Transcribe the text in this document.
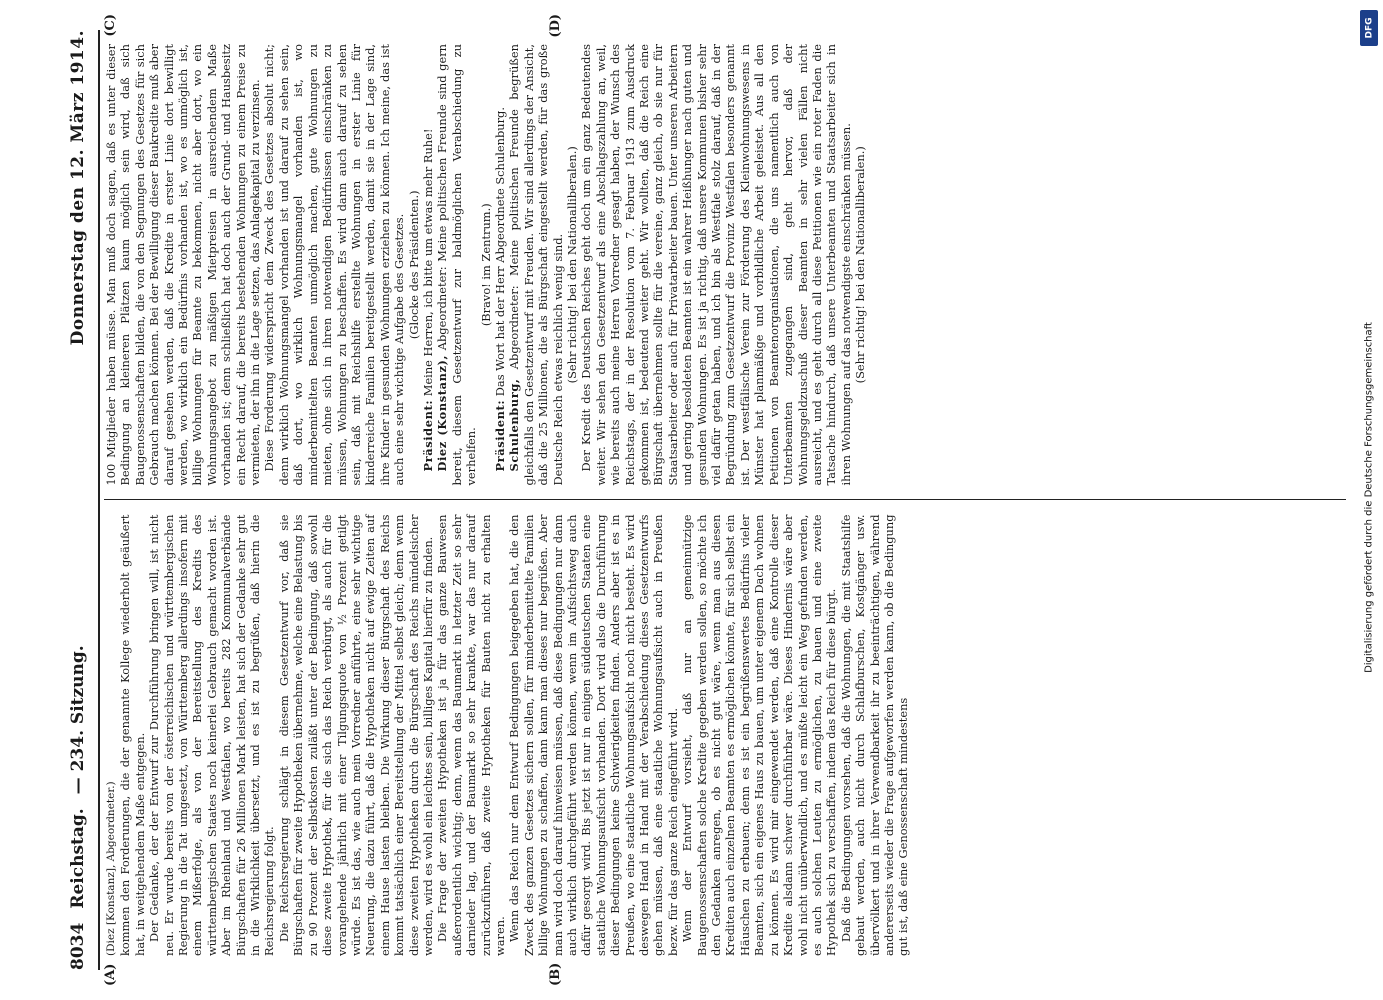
8034
Reichstag.
— 234. Sitzung.
Donnerstag den 12. März 1914.
(A)	(B)

(Diez [Konstanz], Abgeordneter.) kommen den Forderungen, die der genannte Kollege wiederholt geäußert hat, in weitgehendem Maße entgegen. Der Gedanke, der der Entwurf zur Durchführung bringen will, ist nicht neu. Er wurde bereits von der österreichischen und württembergischen Regierung in die Tat umgesetzt, von Württemberg allerdings insofern mit einem Mißerfolge, als von der Bereitstellung des Kredits des württembergischen Staates noch keinerlei Gebrauch gemacht worden ist. Aber im Rheinland und Westfalen, wo bereits 282 Kommunalverbände Bürgschaften für 26 Millionen Mark leisten, hat sich der Gedanke sehr gut in die Wirklichkeit übersetzt, und es ist zu begrüßen, daß hierin die Reichsregierung folgt. Die Reichsregierung schlägt in diesem Gesetzentwurf vor, daß sie Bürgschaften für zweite Hypotheken übernehme, welche eine Belastung bis zu 90 Prozent der Selbstkosten zuläßt unter der Bedingung, daß sowohl diese zweite Hypothek, für die sich das Reich verbürgt, als auch für die vorangehende jährlich mit einer Tilgungsquote von ½ Prozent getilgt würde. Es ist das, wie auch mein Vorredner anführte, eine sehr wichtige Neuerung, die dazu führt, daß die Hypotheken nicht auf ewige Zeiten auf einem Hause lasten bleiben. Die Wirkung dieser Bürgschaft des Reichs kommt tatsächlich einer Bereitstellung der Mittel selbst gleich; denn wenn diese zweiten Hypotheken durch die Bürgschaft des Reichs mündelsicher werden, wird es wohl ein leichtes sein, billiges Kapital hierfür zu finden. Die Frage der zweiten Hypotheken ist ja für das ganze Bauwesen außerordentlich wichtig; denn, wenn das Baumarkt in letzter Zeit so sehr darnieder lag, und der Baumarkt so sehr krankte, war das nur darauf zurückzuführen, daß zweite Hypotheken für Bauten nicht zu erhalten waren. Wenn das Reich nur dem Entwurf Bedingungen beigegeben hat, die den Zweck des ganzen Gesetzes sichern sollen, für minderbemittelte Familien billige Wohnungen zu schaffen, dann kann man dieses nur begrüßen. Aber man wird doch darauf hinweisen müssen, daß diese Bedingungen nur dann auch wirklich durchgeführt werden können, wenn im Aufsichtsweg auch dafür gesorgt wird. Bis jetzt ist nur in einigen süddeutschen Staaten eine staatliche Wohnungsaufsicht vorhanden. Dort wird also die Durchführung dieser Bedingungen keine Schwierigkeiten finden. Anders aber ist es in Preußen, wo eine staatliche Wohnungsaufsicht noch nicht besteht. Es wird deswegen Hand in Hand mit der Verabschiedung dieses Gesetzentwurfs gehen müssen, daß eine staatliche Wohnungsaufsicht auch in Preußen bezw. für das ganze Reich eingeführt wird. Wenn der Entwurf vorsieht, daß nur an gemeinnützige Baugenossenschaften solche Kredite gegeben werden sollen, so möchte ich den Gedanken anregen, ob es nicht gut wäre, wenn man aus diesen Krediten auch einzelnen Beamten es ermöglichen könnte, für sich selbst ein Häuschen zu erbauen; denn es ist ein begrüßenswertes Bedürfnis vieler Beamten, sich ein eigenes Haus zu bauen, um unter eigenem Dach wohnen zu können. Es wird mir eingewendet werden, daß eine Kontrolle dieser Kredite alsdann schwer durchführbar wäre. Dieses Hindernis wäre aber wohl nicht unüberwindlich, und es müßte leicht ein Weg gefunden werden, es auch solchen Leuten zu ermöglichen, zu bauen und eine zweite Hypothek sich zu verschaffen, indem das Reich für diese bürgt. Daß die Bedingungen vorsehen, daß die Wohnungen, die mit Staatshilfe gebaut werden, auch nicht durch Schlafburschen, Kostgänger usw. übervölkert und in ihrer Verwendbarkeit ihr zu beeinträchtigen, während andererseits wieder die Frage aufgeworfen werden kann, ob die Bedingung gut ist, daß eine Genossenschaft mindestens

(C)	(D)

100 Mitglieder haben müsse. Man muß doch sagen, daß es unter dieser Bedingung an kleineren Plätzen kaum möglich sein wird, daß sich Baugenossenschaften bilden, die von den Segnungen des Gesetzes für sich Gebrauch machen können. Bei der Bewilligung dieser Baukredite muß aber darauf gesehen werden, daß die Kredite in erster Linie dort bewilligt werden, wo wirklich ein Bedürfnis vorhanden ist, wo es unmöglich ist, billige Wohnungen für Beamte zu bekommen, nicht aber dort, wo ein Wohnungsangebot zu mäßigen Mietpreisen in ausreichendem Maße vorhanden ist; denn schließlich hat doch auch der Grund- und Hausbesitz ein Recht darauf, die bereits bestehenden Wohnungen zu einem Preise zu vermieten, der ihn in die Lage setzen, das Anlagekapital zu verzinsen. Diese Forderung widerspricht dem Zweck des Gesetzes absolut nicht; denn wirklich Wohnungsmangel vorhanden ist und darauf zu sehen sein, daß dort, wo wirklich Wohnungsmangel vorhanden ist, wo minderbemittelten Beamten unmöglich machen, gute Wohnungen zu mieten, ohne sich in ihren notwendigen Bedürfnissen einschränken zu müssen, Wohnungen zu beschaffen. Es wird dann auch darauf zu sehen sein, daß mit Reichshilfe erstellte Wohnungen in erster Linie für kinderreiche Familien bereitgestellt werden, damit sie in der Lage sind, ihre Kinder in gesunden Wohnungen erziehen zu können. Ich meine, das ist auch eine sehr wichtige Aufgabe des Gesetzes. (Glocke des Präsidenten.)

Präsident: Meine Herren, ich bitte um etwas mehr Ruhe!

Diez (Konstanz), Abgeordneter: Meine politischen Freunde sind gern bereit, diesem Gesetzentwurf zur baldmöglichen Verabschiedung zu verhelfen.

(Bravo! im Zentrum.)

Präsident: Das Wort hat der Herr Abgeordnete Schulenburg.

Schulenburg, Abgeordneter: Meine politischen Freunde begrüßen gleichfalls den Gesetzentwurf mit Freuden. Wir sind allerdings der Ansicht, daß die 25 Millionen, die als Bürgschaft eingestellt werden, für das große Deutsche Reich etwas reichlich wenig sind. (Sehr richtig! bei den Nationalliberalen.) Der Kredit des Deutschen Reiches geht doch um ein ganz Bedeutendes weiter. Wir sehen den Gesetzentwurf als eine Abschlagszahlung an, weil, wie bereits auch meine Herren Vorredner gesagt haben, der Wunsch des Reichstags, der in der Resolution vom 7. Februar 1913 zum Ausdruck gekommen ist, bedeutend weiter geht. Wir wollten, daß die Reich eine Bürgschaft übernehmen sollte für die vereine, ganz gleich, ob sie nur für Staatsarbeiter oder auch für Privatarbeiter bauen. Unter unseren Arbeitern und gering besoldeten Beamten ist ein wahrer Heißhunger nach guten und gesunden Wohnungen. Es ist ja richtig, daß unsere Kommunen bisher sehr viel dafür getan haben, und ich bin als Westfale stolz darauf, daß in der Begründung zum Gesetzentwurf die Provinz Westfalen besonders genannt ist. Der westfälische Verein zur Förderung des Kleinwohnungswesens in Münster hat planmäßige und vorbildliche Arbeit geleistet. Aus all den Petitionen von Beamtenorganisationen, die uns namentlich auch von Unterbeamten zugegangen sind, geht hervor, daß der Wohnungsgeldzuschuß dieser Beamten in sehr vielen Fällen nicht ausreicht, und es geht durch all diese Petitionen wie ein roter Faden die Tatsache hindurch, daß unsere Unterbeamten und Staatsarbeiter sich in ihren Wohnungen auf das notwendigste einschränken müssen. (Sehr richtig! bei den Nationalliberalen.)

DFG
Digitalisierung gefördert durch die Deutsche Forschungsgemeinschaft
